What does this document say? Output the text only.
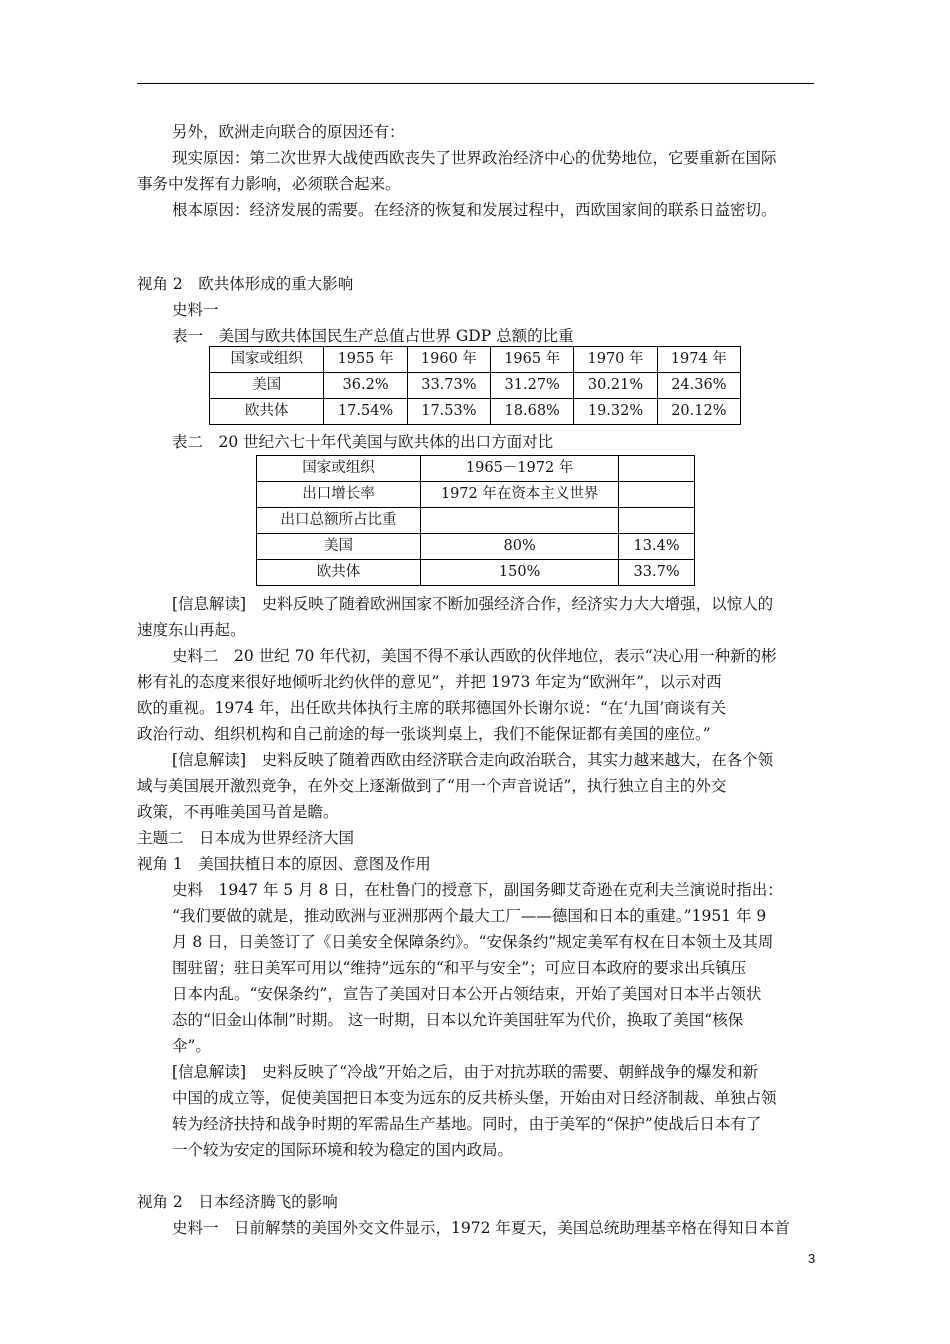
另外，欧洲走向联合的原因还有：
现实原因：第二次世界大战使西欧丧失了世界政治经济中心的优势地位，它要重新在国际
事务中发挥有力影响，必须联合起来。
根本原因：经济发展的需要。在经济的恢复和发展过程中，西欧国家间的联系日益密切。
视角 2　欧共体形成的重大影响
史料一
表一　美国与欧共体国民生产总值占世界 GDP 总额的比重
国家或组织	1955 年	1960 年	1965 年	1970 年	1974 年
美国	36.2%	33.73%	31.27%	30.21%	24.36%
欧共体	17.54%	17.53%	18.68%	19.32%	20.12%
表二　20 世纪六七十年代美国与欧共体的出口方面对比
国家或组织	1965－1972 年	
出口增长率	1972 年在资本主义世界	
出口总额所占比重		
美国	80%	13.4%
欧共体	150%	33.7%
[信息解读]　史料反映了随着欧洲国家不断加强经济合作，经济实力大大增强，以惊人的
速度东山再起。
史料二　20 世纪 70 年代初，美国不得不承认西欧的伙伴地位，表示“决心用一种新的彬
彬有礼的态度来很好地倾听北约伙伴的意见”，并把 1973 年定为“欧洲年”，以示对西
欧的重视。1974 年，出任欧共体执行主席的联邦德国外长谢尔说：“在‘九国’商谈有关
政治行动、组织机构和自己前途的每一张谈判桌上，我们不能保证都有美国的座位。”
[信息解读]　史料反映了随着西欧由经济联合走向政治联合，其实力越来越大，在各个领
域与美国展开激烈竞争，在外交上逐渐做到了“用一个声音说话”，执行独立自主的外交
政策，不再唯美国马首是瞻。
主题二　日本成为世界经济大国
视角 1　美国扶植日本的原因、意图及作用
史料　1947 年 5 月 8 日，在杜鲁门的授意下，副国务卿艾奇逊在克利夫兰演说时指出：
“我们要做的就是，推动欧洲与亚洲那两个最大工厂——德国和日本的重建。”1951 年 9
月 8 日，日美签订了《日美安全保障条约》。“安保条约”规定美军有权在日本领土及其周
围驻留；驻日美军可用以“维持”远东的“和平与安全”；可应日本政府的要求出兵镇压
日本内乱。“安保条约”，宣告了美国对日本公开占领结束，开始了美国对日本半占领状
态的“旧金山体制”时期。 这一时期，日本以允许美国驻军为代价，换取了美国“核保
伞”。
[信息解读]　史料反映了“冷战”开始之后，由于对抗苏联的需要、朝鲜战争的爆发和新
中国的成立等，促使美国把日本变为远东的反共桥头堡，开始由对日经济制裁、单独占领
转为经济扶持和战争时期的军需品生产基地。同时，由于美军的“保护”使战后日本有了
一个较为安定的国际环境和较为稳定的国内政局。
视角 2　日本经济腾飞的影响
史料一　日前解禁的美国外交文件显示，1972 年夏天，美国总统助理基辛格在得知日本首
3
